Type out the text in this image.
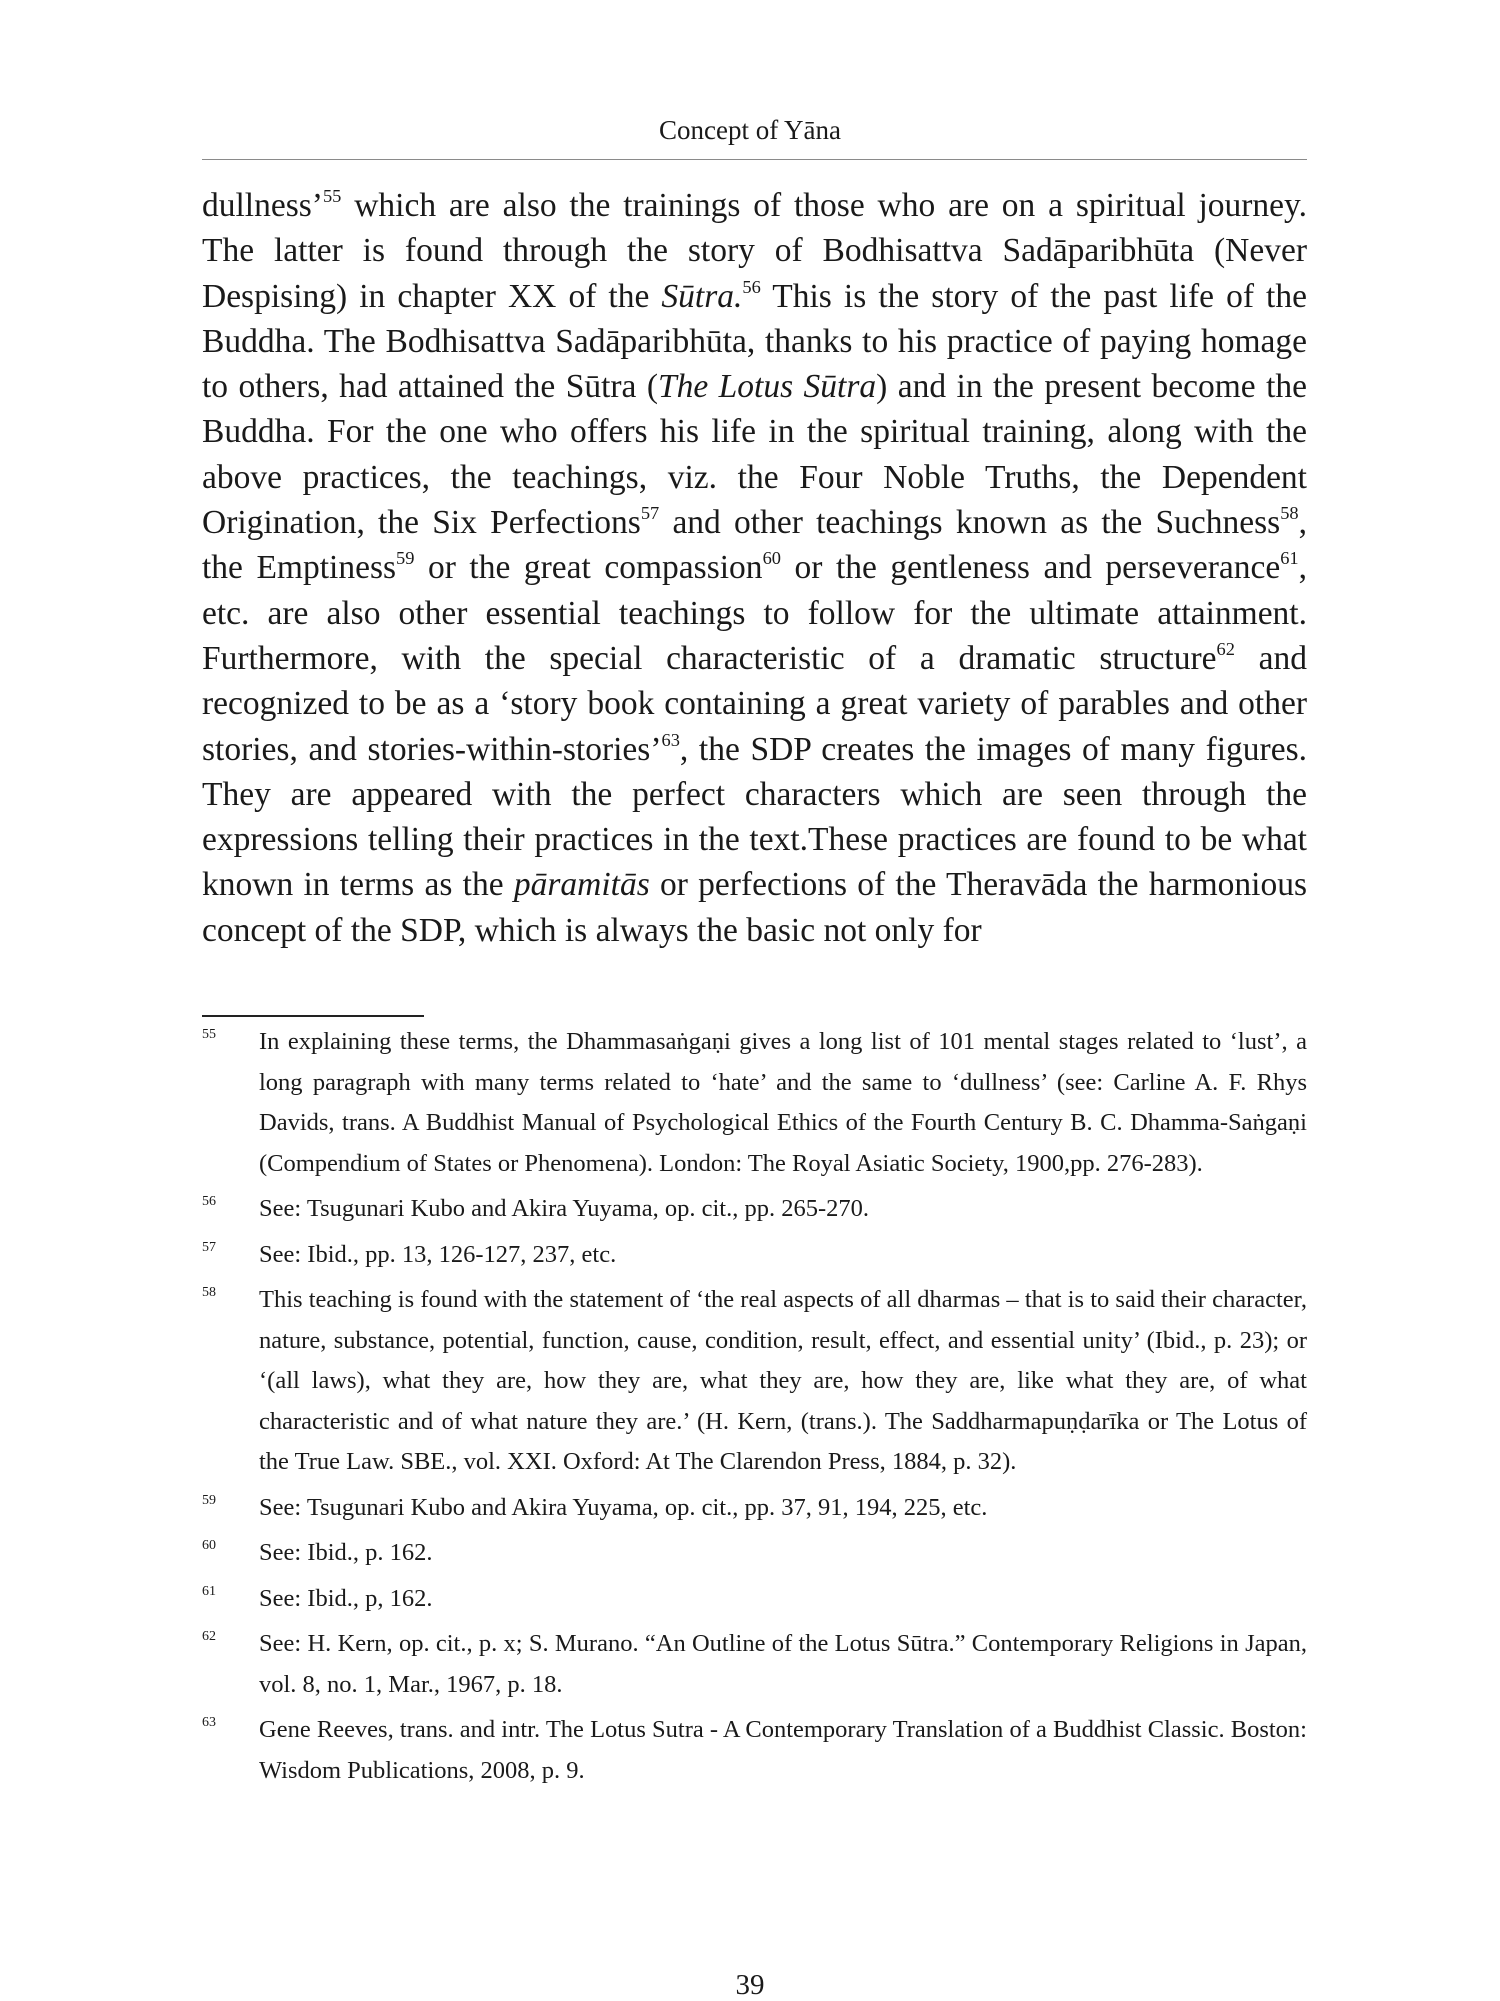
Concept of Yāna

dullness’$^{55}$ which are also the trainings of those who are on a spiritual journey. The latter is found through the story of Bodhisattva Sadāparibhūta (Never Despising) in chapter XX of the Sūtra.$^{56}$ This is the story of the past life of the Buddha. The Bodhisattva Sadāparibhūta, thanks to his practice of paying homage to others, had attained the Sūtra (The Lotus Sūtra) and in the present become the Buddha. For the one who offers his life in the spiritual training, along with the above practices, the teachings, viz. the Four Noble Truths, the Dependent Origination, the Six Perfections$^{57}$ and other teachings known as the Suchness$^{58}$, the Emptiness$^{59}$ or the great compassion$^{60}$ or the gentleness and perseverance$^{61}$, etc. are also other essential teachings to follow for the ultimate attainment. Furthermore, with the special characteristic of a dramatic structure$^{62}$ and recognized to be as a ‘story book containing a great variety of parables and other stories, and stories-within-stories’$^{63}$, the SDP creates the images of many figures. They are appeared with the perfect characters which are seen through the expressions telling their practices in the text.These practices are found to be what known in terms as the pāramitās or perfections of the Theravāda the harmonious concept of the SDP, which is always the basic not only for

55	In explaining these terms, the Dhammasaṅgaṇi gives a long list of 101 mental stages related to ‘lust’, a long paragraph with many terms related to ‘hate’ and the same to ‘dullness’ (see: Carline A. F. Rhys Davids, trans. A Buddhist Manual of Psychological Ethics of the Fourth Century B. C. Dhamma-Saṅgaṇi (Compendium of States or Phenomena). London: The Royal Asiatic Society, 1900,pp. 276-283).
56	See: Tsugunari Kubo and Akira Yuyama, op. cit., pp. 265-270.
57	See: Ibid., pp. 13, 126-127, 237, etc.
58	This teaching is found with the statement of ‘the real aspects of all dharmas – that is to said their character, nature, substance, potential, function, cause, condition, result, effect, and essential unity’ (Ibid., p. 23); or ‘(all laws), what they are, how they are, what they are, how they are, like what they are, of what characteristic and of what nature they are.’ (H. Kern, (trans.). The Saddharmapuṇḍarīka or The Lotus of the True Law. SBE., vol. XXI. Oxford: At The Clarendon Press, 1884, p. 32).
59	See: Tsugunari Kubo and Akira Yuyama, op. cit., pp. 37, 91, 194, 225, etc.
60	See: Ibid., p. 162.
61	See: Ibid., p, 162.
62	See: H. Kern, op. cit., p. x; S. Murano. “An Outline of the Lotus Sūtra.” Contemporary Religions in Japan, vol. 8, no. 1, Mar., 1967, p. 18.
63	Gene Reeves, trans. and intr. The Lotus Sutra - A Contemporary Translation of a Buddhist Classic. Boston: Wisdom Publications, 2008, p. 9.
39
